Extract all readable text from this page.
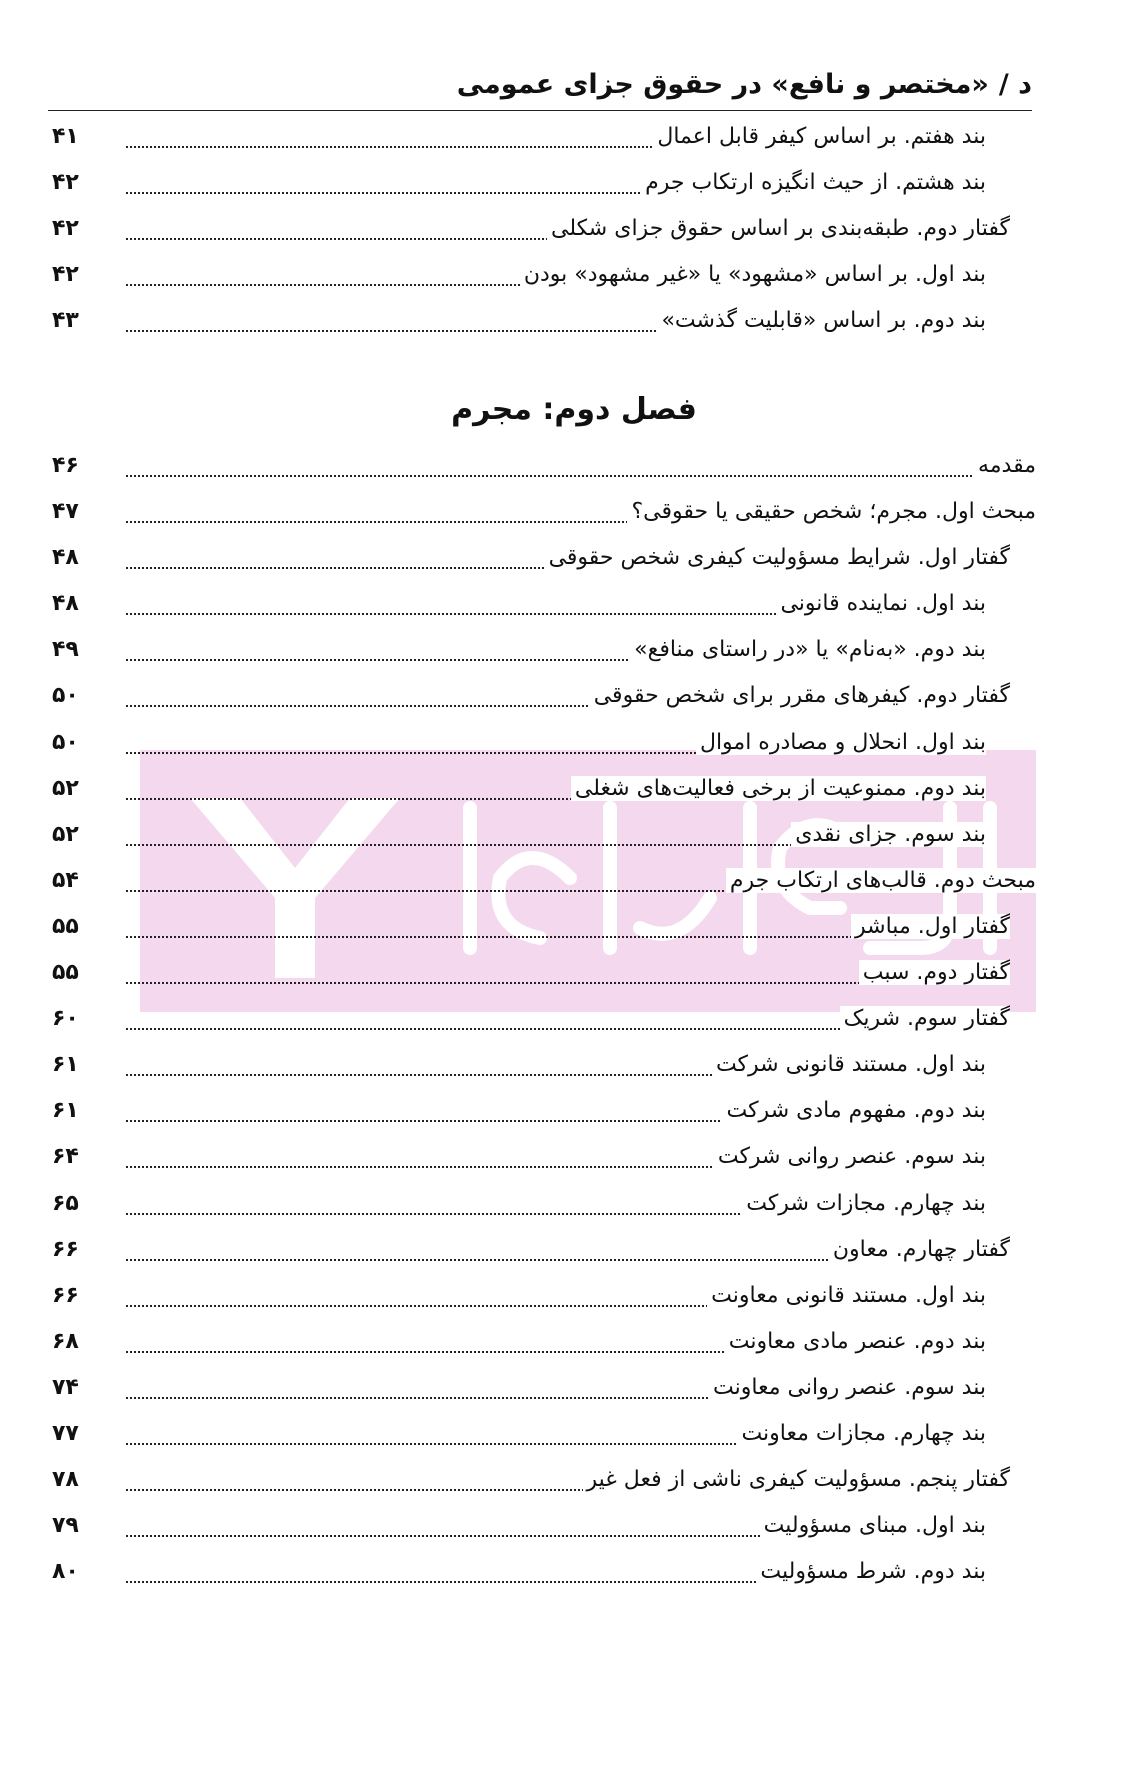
د /
«مختصر و نافع» در حقوق جزای عمومی
بند هفتم. بر اساس کیفر قابل اعمال
۴۱
بند هشتم. از حیث انگیزه ارتکاب جرم
۴۲
گفتار دوم. طبقه‌بندی بر اساس حقوق جزای شکلی
۴۲
بند اول. بر اساس «مشهود» یا «غیر مشهود» بودن
۴۲
بند دوم. بر اساس «قابلیت گذشت»
۴۳
فصل دوم: مجرم
مقدمه
۴۶
مبحث اول. مجرم؛ شخص حقیقی یا حقوقی؟
۴۷
گفتار اول. شرایط مسؤولیت کیفری شخص حقوقی
۴۸
بند اول. نماینده قانونی
۴۸
بند دوم. «به‌نام» یا «در راستای منافع»
۴۹
گفتار دوم. کیفرهای مقرر برای شخص حقوقی
۵۰
بند اول. انحلال و مصادره اموال
۵۰
بند دوم. ممنوعیت از برخی فعالیت‌های شغلی
۵۲
بند سوم. جزای نقدی
۵۲
مبحث دوم. قالب‌های ارتکاب جرم
۵۴
گفتار اول. مباشر
۵۵
گفتار دوم. سبب
۵۵
گفتار سوم. شریک
۶۰
بند اول. مستند قانونی شرکت
۶۱
بند دوم. مفهوم مادی شرکت
۶۱
بند سوم. عنصر روانی شرکت
۶۴
بند چهارم. مجازات شرکت
۶۵
گفتار چهارم. معاون
۶۶
بند اول. مستند قانونی معاونت
۶۶
بند دوم. عنصر مادی معاونت
۶۸
بند سوم. عنصر روانی معاونت
۷۴
بند چهارم. مجازات معاونت
۷۷
گفتار پنجم. مسؤولیت کیفری ناشی از فعل غیر
۷۸
بند اول. مبنای مسؤولیت
۷۹
بند دوم. شرط مسؤولیت
۸۰
